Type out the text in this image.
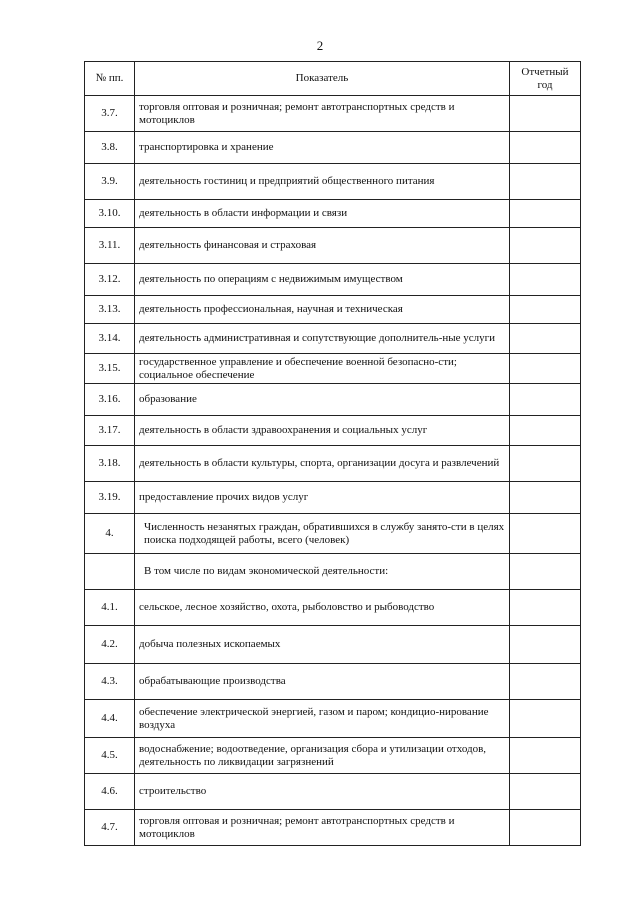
2
№ пп.	Показатель	Отчетный год
3.7.	торговля оптовая и розничная; ремонт автотранспортных средств и мотоциклов	
3.8.	транспортировка и хранение	
3.9.	деятельность гостиниц и предприятий общественного питания	
3.10.	деятельность в области информации и связи	
3.11.	деятельность финансовая и страховая	
3.12.	деятельность по операциям с недвижимым имуществом	
3.13.	деятельность профессиональная, научная и техническая	
3.14.	деятельность административная и сопутствующие дополнитель-ные услуги	
3.15.	государственное управление и обеспечение военной безопасно-сти; социальное обеспечение	
3.16.	образование	
3.17.	деятельность в области здравоохранения и социальных услуг	
3.18.	деятельность в области культуры, спорта, организации досуга и развлечений	
3.19.	предоставление прочих видов услуг	
4.	Численность незанятых граждан, обратившихся в службу занято-сти в целях поиска подходящей работы, всего (человек)	
	В том числе по видам экономической деятельности:	
4.1.	сельское, лесное хозяйство, охота, рыболовство и рыбоводство	
4.2.	добыча полезных ископаемых	
4.3.	обрабатывающие производства	
4.4.	обеспечение электрической энергией, газом и паром; кондицио-нирование воздуха	
4.5.	водоснабжение; водоотведение, организация сбора и утилизации отходов, деятельность по ликвидации загрязнений	
4.6.	строительство	
4.7.	торговля оптовая и розничная; ремонт автотранспортных средств и мотоциклов	
